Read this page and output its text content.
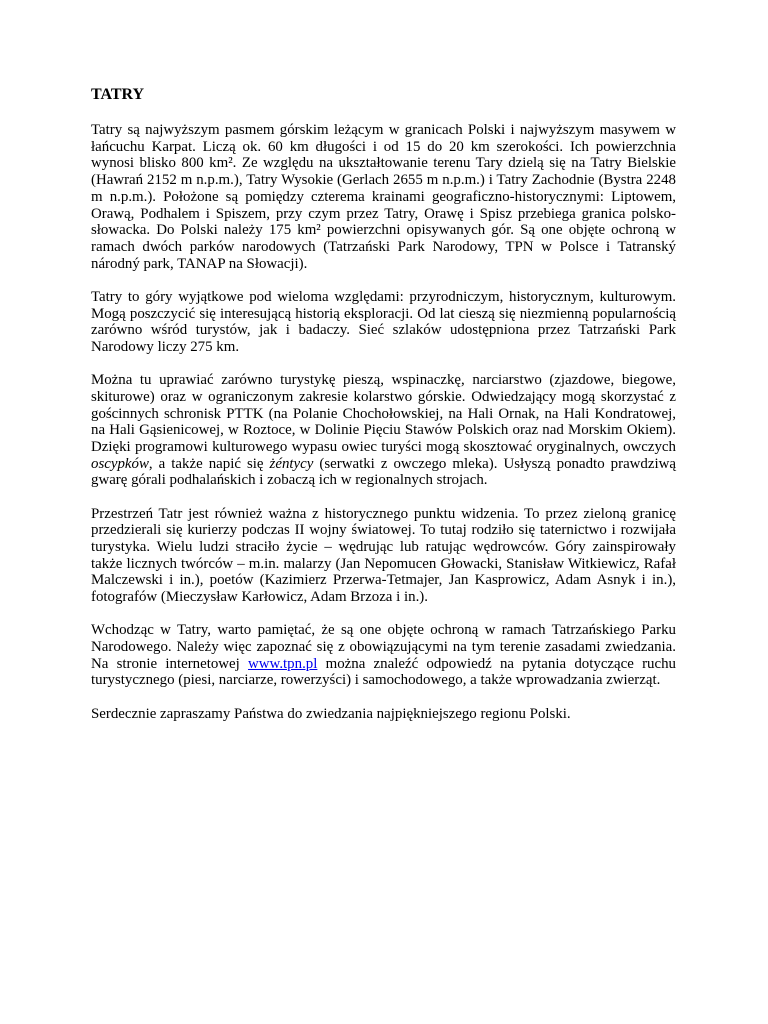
TATRY

Tatry są najwyższym pasmem górskim leżącym w granicach Polski i najwyższym masywem w łańcuchu Karpat. Liczą ok. 60 km długości i od 15 do 20 km szerokości. Ich powierzchnia wynosi blisko 800 km². Ze względu na ukształtowanie terenu Tary dzielą się na Tatry Bielskie (Hawrań 2152 m n.p.m.), Tatry Wysokie (Gerlach 2655 m n.p.m.) i Tatry Zachodnie (Bystra 2248 m n.p.m.). Położone są pomiędzy czterema krainami geograficzno-historycznymi: Liptowem, Orawą, Podhalem i Spiszem, przy czym przez Tatry, Orawę i Spisz przebiega granica polsko-słowacka. Do Polski należy 175 km² powierzchni opisywanych gór. Są one objęte ochroną w ramach dwóch parków narodowych (Tatrzański Park Narodowy, TPN w Polsce i Tatranský národný park, TANAP na Słowacji).

Tatry to góry wyjątkowe pod wieloma względami: przyrodniczym, historycznym, kulturowym. Mogą poszczycić się interesującą historią eksploracji. Od lat cieszą się niezmienną popularnością zarówno wśród turystów, jak i badaczy. Sieć szlaków udostępniona przez Tatrzański Park Narodowy liczy 275 km.

Można tu uprawiać zarówno turystykę pieszą, wspinaczkę, narciarstwo (zjazdowe, biegowe, skiturowe) oraz w ograniczonym zakresie kolarstwo górskie. Odwiedzający mogą skorzystać z gościnnych schronisk PTTK (na Polanie Chochołowskiej, na Hali Ornak, na Hali Kondratowej, na Hali Gąsienicowej, w Roztoce, w Dolinie Pięciu Stawów Polskich oraz nad Morskim Okiem). Dzięki programowi kulturowego wypasu owiec turyści mogą skosztować oryginalnych, owczych oscypków, a także napić się żéntycy (serwatki z owczego mleka). Usłyszą ponadto prawdziwą gwarę górali podhalańskich i zobaczą ich w regionalnych strojach.

Przestrzeń Tatr jest również ważna z historycznego punktu widzenia. To przez zieloną granicę przedzierali się kurierzy podczas II wojny światowej. To tutaj rodziło się taternictwo i rozwijała turystyka. Wielu ludzi straciło życie – wędrując lub ratując wędrowców. Góry zainspirowały także licznych twórców – m.in. malarzy (Jan Nepomucen Głowacki, Stanisław Witkiewicz, Rafał Malczewski i in.), poetów (Kazimierz Przerwa-Tetmajer, Jan Kasprowicz, Adam Asnyk i in.), fotografów (Mieczysław Karłowicz, Adam Brzoza i in.).

Wchodząc w Tatry, warto pamiętać, że są one objęte ochroną w ramach Tatrzańskiego Parku Narodowego. Należy więc zapoznać się z obowiązującymi na tym terenie zasadami zwiedzania. Na stronie internetowej www.tpn.pl można znaleźć odpowiedź na pytania dotyczące ruchu turystycznego (piesi, narciarze, rowerzyści) i samochodowego, a także wprowadzania zwierząt.

Serdecznie zapraszamy Państwa do zwiedzania najpiękniejszego regionu Polski.
